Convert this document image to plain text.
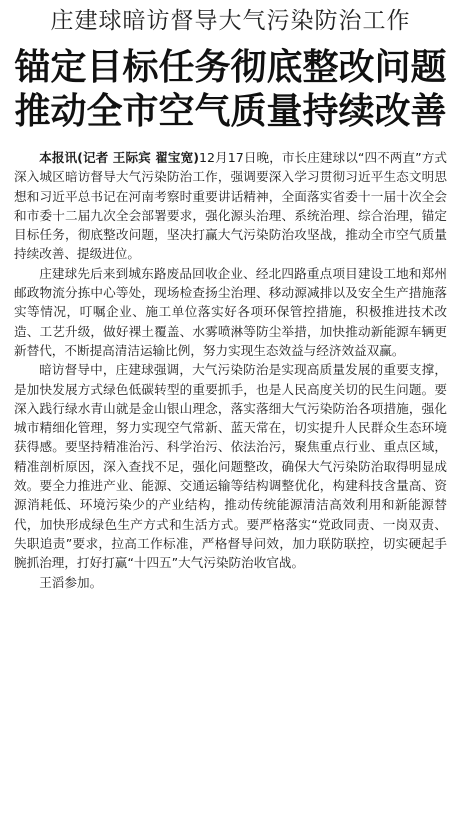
庄建球暗访督导大气污染防治工作
锚定目标任务彻底整改问题
推动全市空气质量持续改善

本报讯(记者 王际宾 翟宝宽)12月17日晚，市长庄建球以“四不两直”方式深入城区暗访督导大气污染防治工作，强调要深入学习贯彻习近平生态文明思想和习近平总书记在河南考察时重要讲话精神，全面落实省委十一届十次全会和市委十二届九次全会部署要求，强化源头治理、系统治理、综合治理，锚定目标任务，彻底整改问题，坚决打赢大气污染防治攻坚战，推动全市空气质量持续改善、提级进位。

庄建球先后来到城东路废品回收企业、经北四路重点项目建设工地和郑州邮政物流分拣中心等处，现场检查扬尘治理、移动源减排以及安全生产措施落实等情况，叮嘱企业、施工单位落实好各项环保管控措施，积极推进技术改造、工艺升级，做好裸土覆盖、水雾喷淋等防尘举措，加快推动新能源车辆更新替代，不断提高清洁运输比例，努力实现生态效益与经济效益双赢。

暗访督导中，庄建球强调，大气污染防治是实现高质量发展的重要支撑，是加快发展方式绿色低碳转型的重要抓手，也是人民高度关切的民生问题。要深入践行绿水青山就是金山银山理念，落实落细大气污染防治各项措施，强化城市精细化管理，努力实现空气常新、蓝天常在，切实提升人民群众生态环境获得感。要坚持精准治污、科学治污、依法治污，聚焦重点行业、重点区域，精准剖析原因，深入查找不足，强化问题整改，确保大气污染防治取得明显成效。要全力推进产业、能源、交通运输等结构调整优化，构建科技含量高、资源消耗低、环境污染少的产业结构，推动传统能源清洁高效利用和新能源替代，加快形成绿色生产方式和生活方式。要严格落实“党政同责、一岗双责、失职追责”要求，拉高工作标准，严格督导问效，加力联防联控，切实硬起手腕抓治理，打好打赢“十四五”大气污染防治收官战。

王滔参加。
